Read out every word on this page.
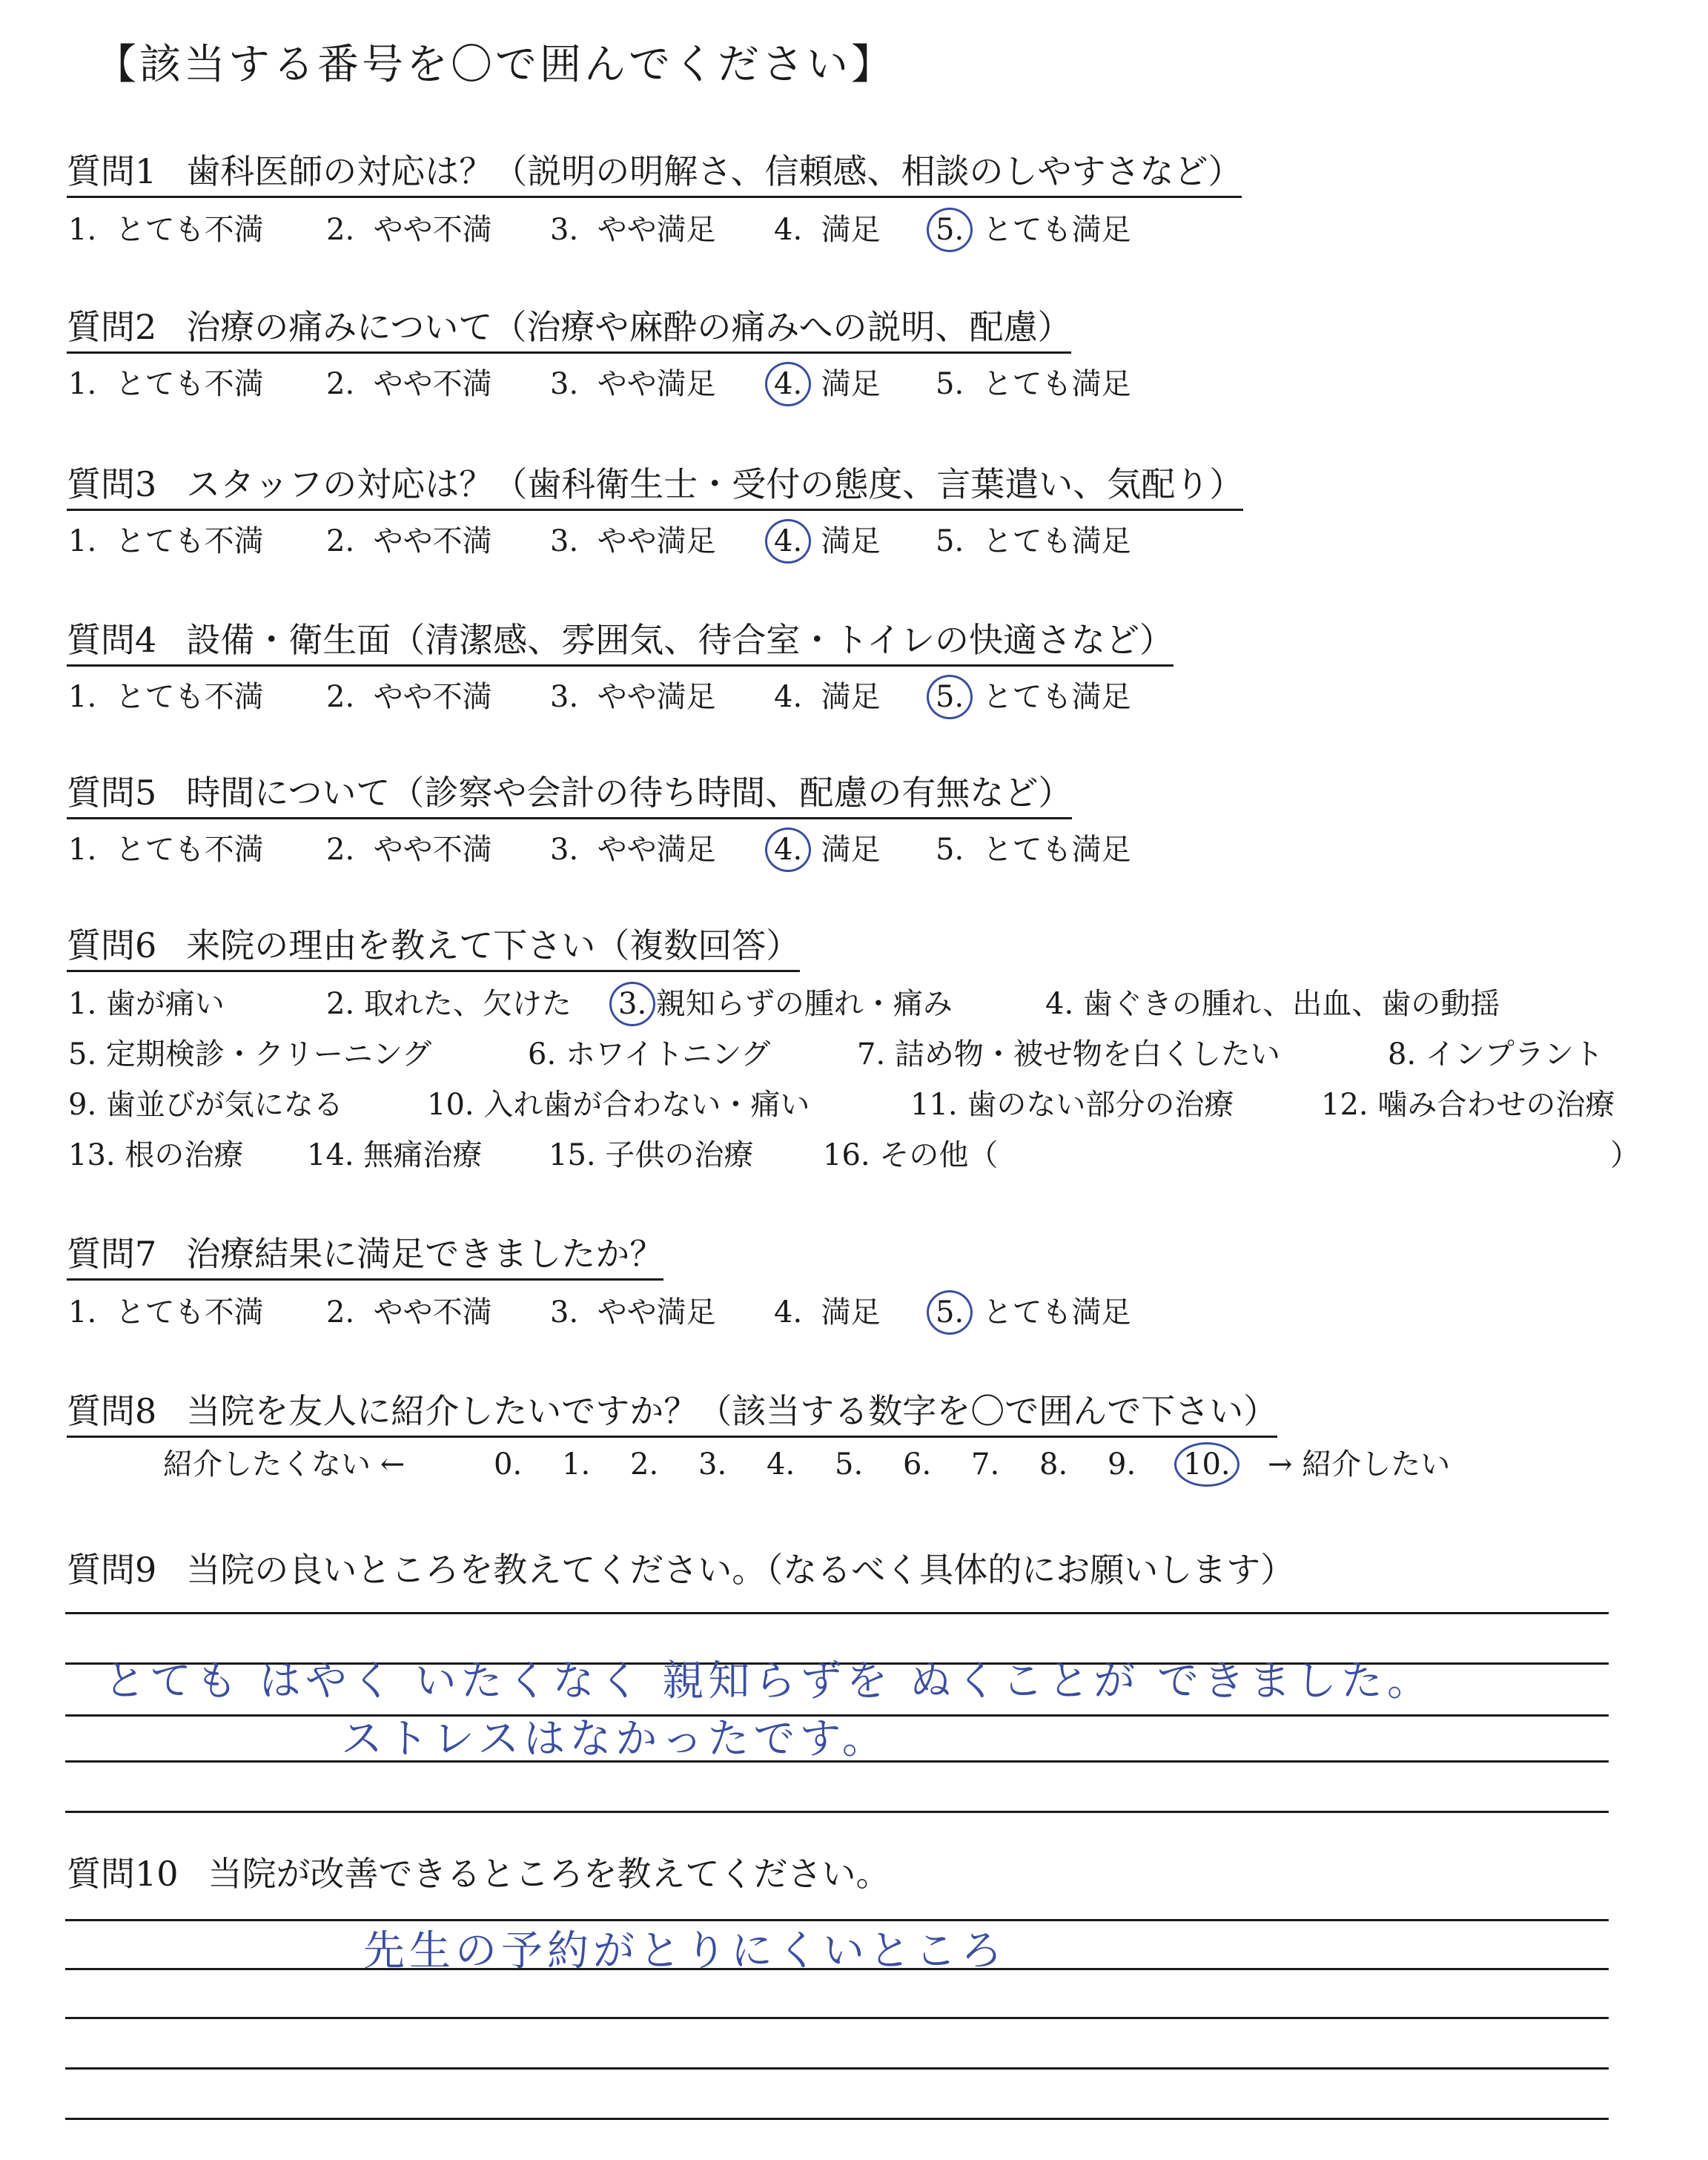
【該当する番号を〇で囲んでください】
質問1 歯科医師の対応は？（説明の明解さ、信頼感、相談のしやすさなど）
1. とても不満 2. やや不満 3. やや満足 4. 満足 5. とても満足
質問2 治療の痛みについて（治療や麻酔の痛みへの説明、配慮）
1. とても不満 2. やや不満 3. やや満足 4. 満足 5. とても満足
質問3 スタッフの対応は？（歯科衛生士・受付の態度、言葉遣い、気配り）
1. とても不満 2. やや不満 3. やや満足 4. 満足 5. とても満足
質問4 設備・衛生面（清潔感、雰囲気、待合室・トイレの快適さなど）
1. とても不満 2. やや不満 3. やや満足 4. 満足 5. とても満足
質問5 時間について（診察や会計の待ち時間、配慮の有無など）
1. とても不満 2. やや不満 3. やや満足 4. 満足 5. とても満足
質問6 来院の理由を教えて下さい（複数回答）
1. 歯が痛い	2. 取れた、欠けた 3. 親知らずの腫れ・痛み	4. 歯ぐきの腫れ、出血、歯の動揺
5. 定期検診・クリーニング	6. ホワイトニング	7. 詰め物・被せ物を白くしたい	8. インプラント
9. 歯並びが気になる	10. 入れ歯が合わない・痛い	11. 歯のない部分の治療	12. 噛み合わせの治療
13. 根の治療 14. 無痛治療 15. 子供の治療 16. その他（	）
質問7 治療結果に満足できましたか？
1. とても不満 2. やや不満 3. やや満足 4. 満足 5. とても満足
質問8 当院を友人に紹介したいですか？（該当する数字を〇で囲んで下さい）
紹介したくない ←	0. 1. 2. 3. 4. 5. 6. 7. 8. 9. 10. → 紹介したい
質問9 当院の良いところを教えてください。（なるべく具体的にお願いします）
とても はやく いたくなく 親知らずを ぬくことが できました。
ストレスはなかったです。
質問10 当院が改善できるところを教えてください。
先生の予約がとりにくいところ
